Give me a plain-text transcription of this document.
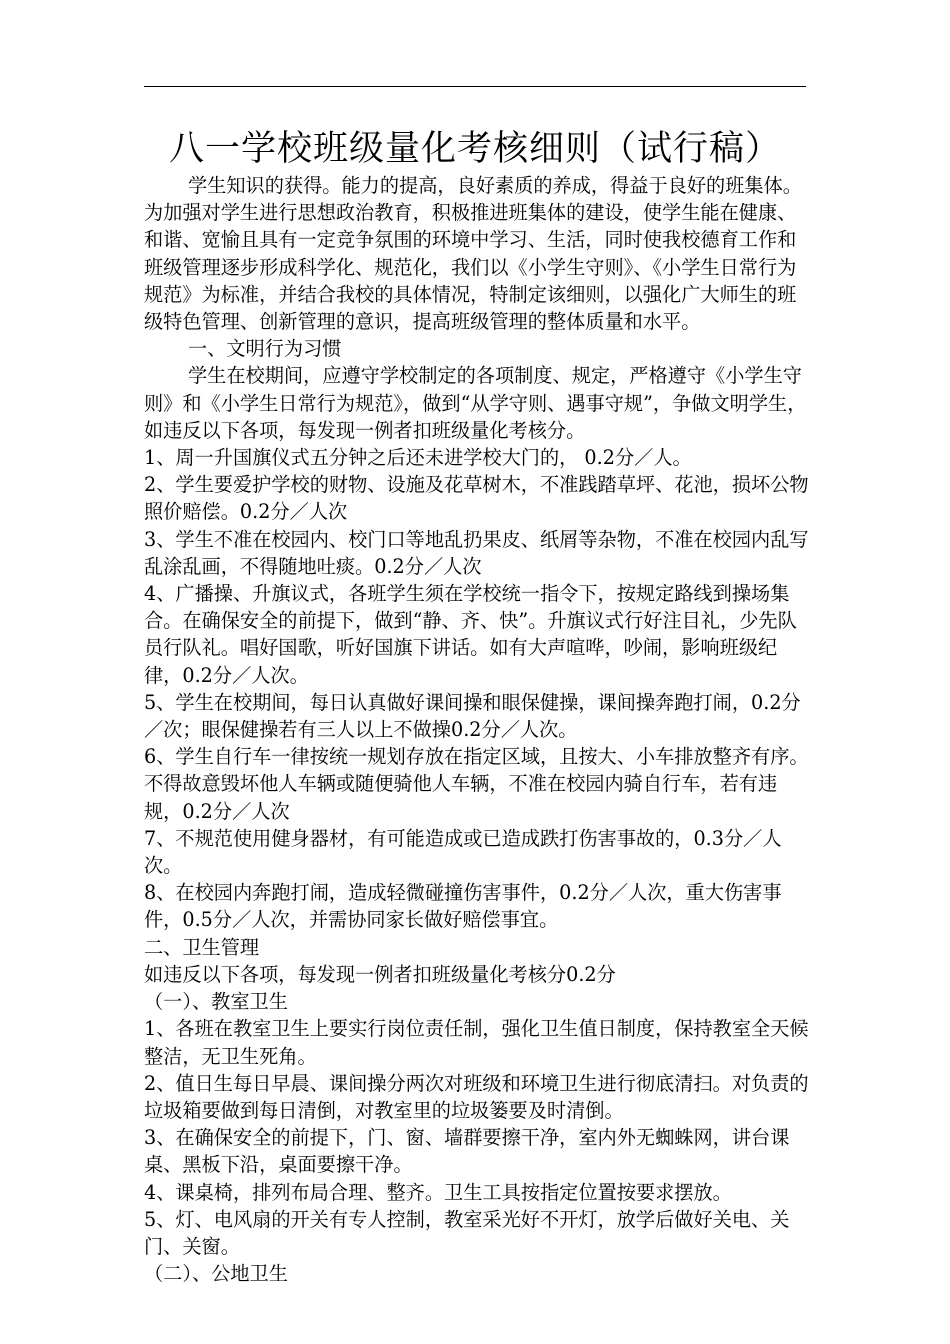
八一学校班级量化考核细则（试行稿）

学生知识的获得。能力的提高，良好素质的养成，得益于良好的班集体。为加强对学生进行思想政治教育，积极推进班集体的建设，使学生能在健康、和谐、宽愉且具有一定竞争氛围的环境中学习、生活，同时使我校德育工作和班级管理逐步形成科学化、规范化，我们以《小学生守则》、《小学生日常行为规范》为标准，并结合我校的具体情况，特制定该细则，以强化广大师生的班级特色管理、创新管理的意识，提高班级管理的整体质量和水平。

一、文明行为习惯

学生在校期间，应遵守学校制定的各项制度、规定，严格遵守《小学生守则》和《小学生日常行为规范》，做到“从学守则、遇事守规”，争做文明学生，如违反以下各项，每发现一例者扣班级量化考核分。

1、周一升国旗仪式五分钟之后还未进学校大门的， 0.2分／人。

2、学生要爱护学校的财物、设施及花草树木，不准践踏草坪、花池，损坏公物照价赔偿。0.2分／人次

3、学生不准在校园内、校门口等地乱扔果皮、纸屑等杂物，不准在校园内乱写乱涂乱画，不得随地吐痰。0.2分／人次

4、广播操、升旗议式，各班学生须在学校统一指令下，按规定路线到操场集合。在确保安全的前提下，做到“静、齐、快”。升旗议式行好注目礼，少先队员行队礼。唱好国歌，听好国旗下讲话。如有大声喧哗，吵闹，影响班级纪律，0.2分／人次。

5、学生在校期间，每日认真做好课间操和眼保健操，课间操奔跑打闹，0.2分／次；眼保健操若有三人以上不做操0.2分／人次。

6、学生自行车一律按统一规划存放在指定区域，且按大、小车排放整齐有序。不得故意毁坏他人车辆或随便骑他人车辆，不准在校园内骑自行车，若有违规，0.2分／人次

7、不规范使用健身器材，有可能造成或已造成跌打伤害事故的，0.3分／人次。

8、在校园内奔跑打闹，造成轻微碰撞伤害事件，0.2分／人次，重大伤害事件，0.5分／人次，并需协同家长做好赔偿事宜。

二、卫生管理

如违反以下各项，每发现一例者扣班级量化考核分0.2分

（一）、教室卫生

1、各班在教室卫生上要实行岗位责任制，强化卫生值日制度，保持教室全天候整洁，无卫生死角。

2、值日生每日早晨、课间操分两次对班级和环境卫生进行彻底清扫。对负责的垃圾箱要做到每日清倒，对教室里的垃圾篓要及时清倒。

3、在确保安全的前提下，门、窗、墙群要擦干净，室内外无蜘蛛网，讲台课桌、黑板下沿，桌面要擦干净。

4、课桌椅，排列布局合理、整齐。卫生工具按指定位置按要求摆放。

5、灯、电风扇的开关有专人控制，教室采光好不开灯，放学后做好关电、关门、关窗。

（二）、公地卫生
